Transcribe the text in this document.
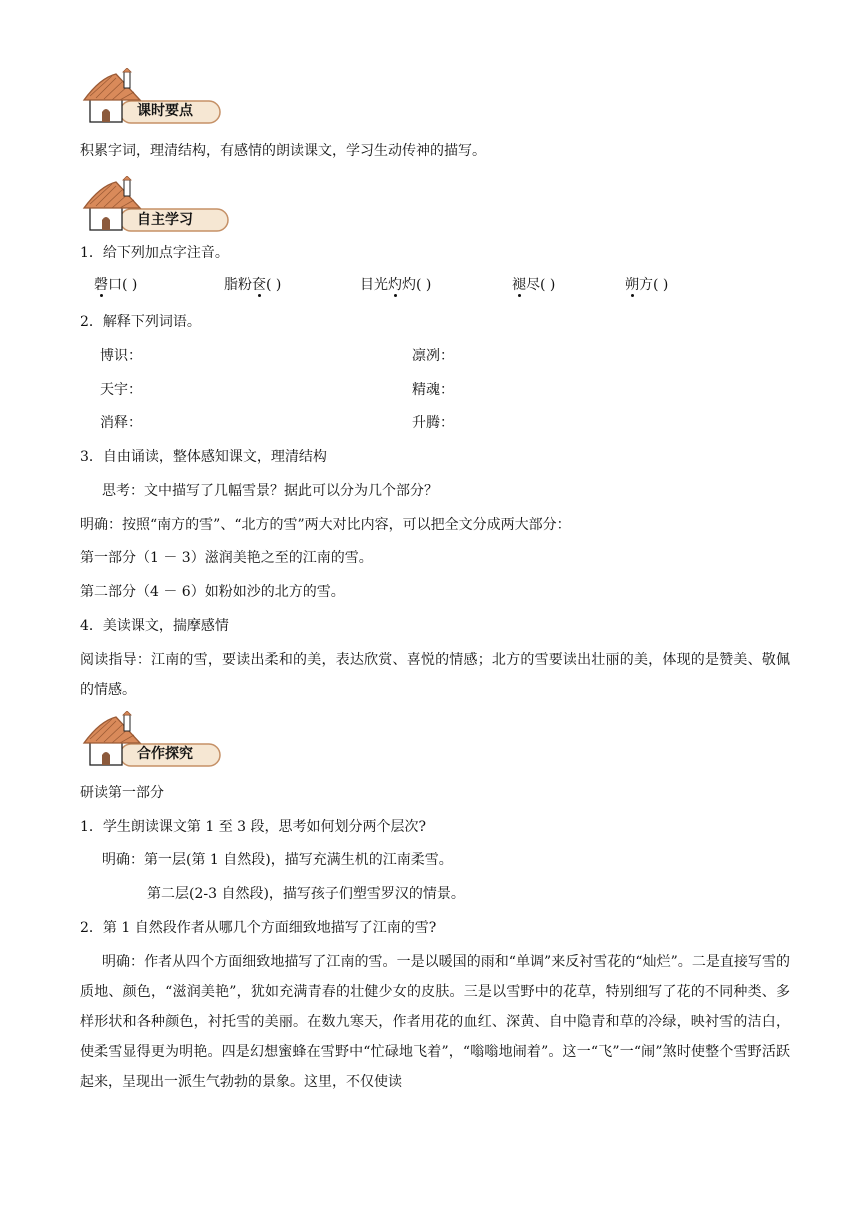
课时要点
积累字词，理清结构，有感情的朗读课文，学习生动传神的描写。
自主学习
1．给下列加点字注音。
磬口( )	脂粉奁( )	目光灼灼( )	褪尽( )	朔方( )
2．解释下列词语。
博识：	凛冽：
天宇：	精魂：
消释：	升腾：
3．自由诵读，整体感知课文，理清结构
思考：文中描写了几幅雪景？据此可以分为几个部分？
明确：按照“南方的雪”、“北方的雪”两大对比内容，可以把全文分成两大部分：
第一部分（1 － 3）滋润美艳之至的江南的雪。
第二部分（4 － 6）如粉如沙的北方的雪。
4．美读课文，揣摩感情
阅读指导：江南的雪，要读出柔和的美，表达欣赏、喜悦的情感；北方的雪要读出壮丽的美，体现的是赞美、敬佩的情感。
合作探究
研读第一部分
1．学生朗读课文第 1 至 3 段，思考如何划分两个层次?
明确：第一层(第 1 自然段)，描写充满生机的江南柔雪。
第二层(2-3 自然段)，描写孩子们塑雪罗汉的情景。
2．第 1 自然段作者从哪几个方面细致地描写了江南的雪?
明确：作者从四个方面细致地描写了江南的雪。一是以暖国的雨和“单调”来反衬雪花的“灿烂”。二是直接写雪的质地、颜色，“滋润美艳”，犹如充满青春的壮健少女的皮肤。三是以雪野中的花草，特别细写了花的不同种类、多样形状和各种颜色，衬托雪的美丽。在数九寒天，作者用花的血红、深黄、自中隐青和草的冷绿，映衬雪的洁白，使柔雪显得更为明艳。四是幻想蜜蜂在雪野中“忙碌地飞着”，“嗡嗡地闹着”。这一“飞”一“闹”煞时使整个雪野活跃起来，呈现出一派生气勃勃的景象。这里，不仅使读
